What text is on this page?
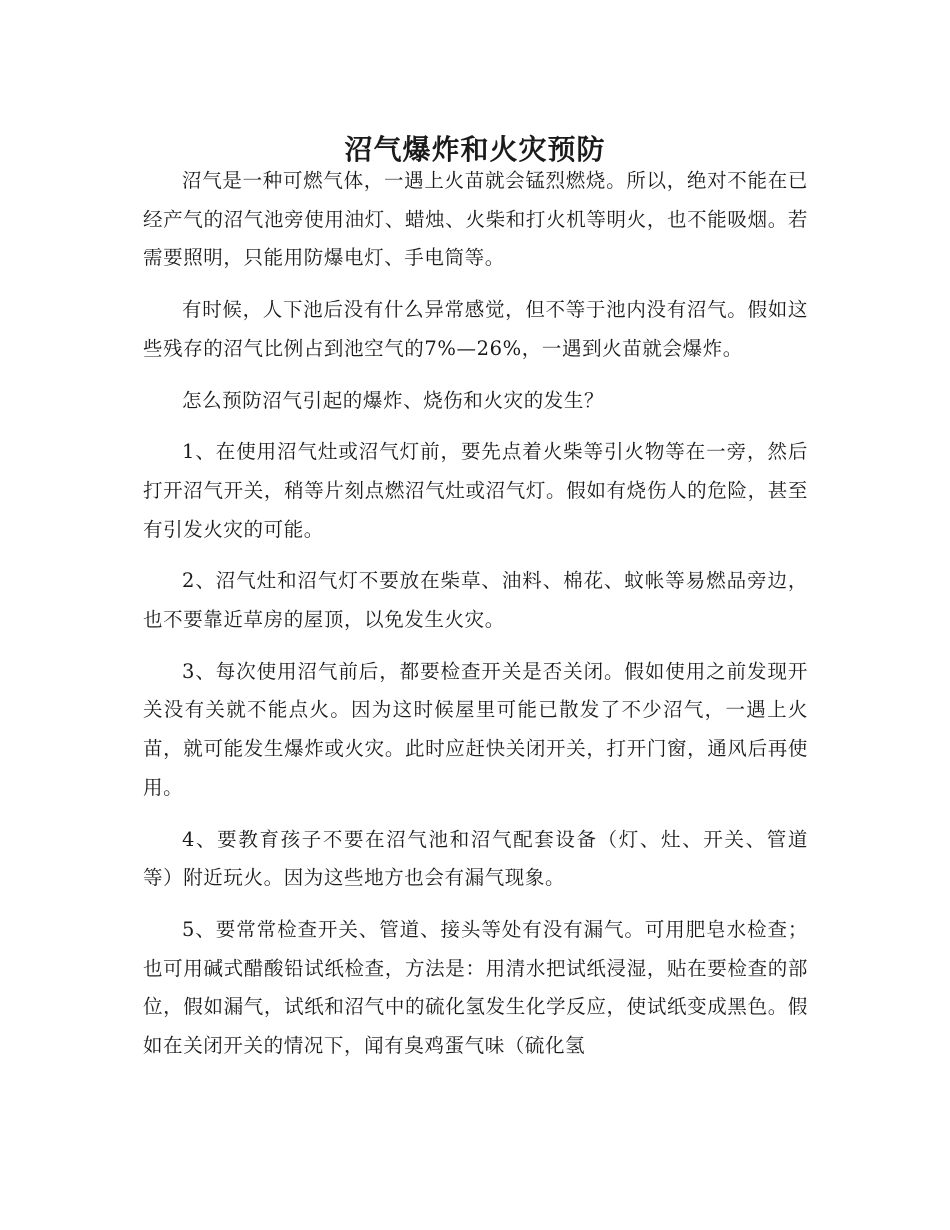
沼气爆炸和火灾预防

沼气是一种可燃气体，一遇上火苗就会锰烈燃烧。所以，绝对不能在已经产气的沼气池旁使用油灯、蜡烛、火柴和打火机等明火，也不能吸烟。若需要照明，只能用防爆电灯、手电筒等。

有时候，人下池后没有什么异常感觉，但不等于池内没有沼气。假如这些残存的沼气比例占到池空气的7%—26%，一遇到火苗就会爆炸。

怎么预防沼气引起的爆炸、烧伤和火灾的发生？

1、在使用沼气灶或沼气灯前，要先点着火柴等引火物等在一旁，然后打开沼气开关，稍等片刻点燃沼气灶或沼气灯。假如有烧伤人的危险，甚至有引发火灾的可能。

2、沼气灶和沼气灯不要放在柴草、油料、棉花、蚊帐等易燃品旁边，也不要靠近草房的屋顶，以免发生火灾。

3、每次使用沼气前后，都要检查开关是否关闭。假如使用之前发现开关没有关就不能点火。因为这时候屋里可能已散发了不少沼气，一遇上火苗，就可能发生爆炸或火灾。此时应赶快关闭开关，打开门窗，通风后再使用。

4、要教育孩子不要在沼气池和沼气配套设备（灯、灶、开关、管道等）附近玩火。因为这些地方也会有漏气现象。

5、要常常检查开关、管道、接头等处有没有漏气。可用肥皂水检查；也可用碱式醋酸铅试纸检查，方法是：用清水把试纸浸湿，贴在要检查的部位，假如漏气，试纸和沼气中的硫化氢发生化学反应，使试纸变成黑色。假如在关闭开关的情况下，闻有臭鸡蛋气味（硫化氢
